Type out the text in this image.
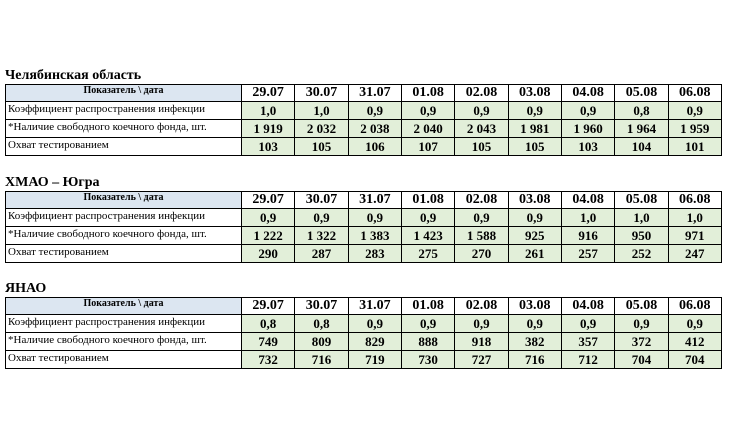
Челябинская область
Показатель \ дата	29.07	30.07	31.07	01.08	02.08	03.08	04.08	05.08	06.08
Коэффициент распространения инфекции	1,0	1,0	0,9	0,9	0,9	0,9	0,9	0,8	0,9
*Наличие свободного коечного фонда, шт.	1 919	2 032	2 038	2 040	2 043	1 981	1 960	1 964	1 959
Охват тестированием	103	105	106	107	105	105	103	104	101
ХМАО – Югра
Показатель \ дата	29.07	30.07	31.07	01.08	02.08	03.08	04.08	05.08	06.08
Коэффициент распространения инфекции	0,9	0,9	0,9	0,9	0,9	0,9	1,0	1,0	1,0
*Наличие свободного коечного фонда, шт.	1 222	1 322	1 383	1 423	1 588	925	916	950	971
Охват тестированием	290	287	283	275	270	261	257	252	247
ЯНАО
Показатель \ дата	29.07	30.07	31.07	01.08	02.08	03.08	04.08	05.08	06.08
Коэффициент распространения инфекции	0,8	0,8	0,9	0,9	0,9	0,9	0,9	0,9	0,9
*Наличие свободного коечного фонда, шт.	749	809	829	888	918	382	357	372	412
Охват тестированием	732	716	719	730	727	716	712	704	704
